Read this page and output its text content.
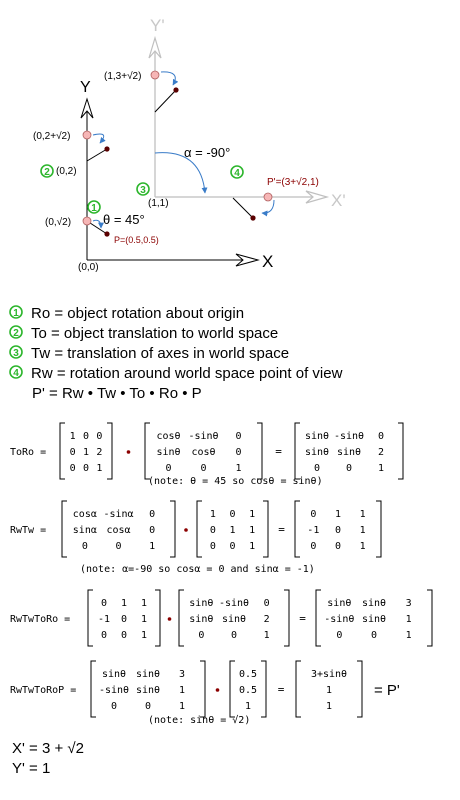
Y
X
Y'
X'
(0,0)
P=(0.5,0.5)
(0,√2)
(0,2)
(0,2+√2)
(1,1)
(1,3+√2)
P'=(3+√2,1)
θ = 45°
α = -90°
1
2
3
4
1 Ro = object rotation about origin
2 To = object translation to world space
3 Tw = translation of axes in world space
4 Rw = rotation around world space point of view
P' = Rw • Tw • To • Ro • P
1 0 0
0 1 2
0 0 1
cosθ -sinθ 0
sinθ cosθ 0
0	0	1
sinθ -sinθ 0
sinθ sinθ 2
0	0	1
ToRo =	=
(note: θ = 45 so cosθ = sinθ)
cosα -sinα 0
sinα cosα 0
0	0	1
1 0 1
0 1 1
0 0 1
0 1 1
-1 0 1
0 0 1
RwTw =	=
(note: α=-90 so cosα = 0 and sinα = -1)
0 1 1
-1 0 1
0 0 1
sinθ -sinθ 0
sinθ sinθ 2
0	0	1
sinθ sinθ 3
-sinθ sinθ 1
0	0	1
RwTwToRo =	=
sinθ sinθ 3
-sinθ sinθ 1
0	0	1
0.5
0.5
1
3+sinθ
1
1
RwTwToRoP =	=	= P'
(note: sinθ = √2)
X' = 3 + √2
Y' = 1
